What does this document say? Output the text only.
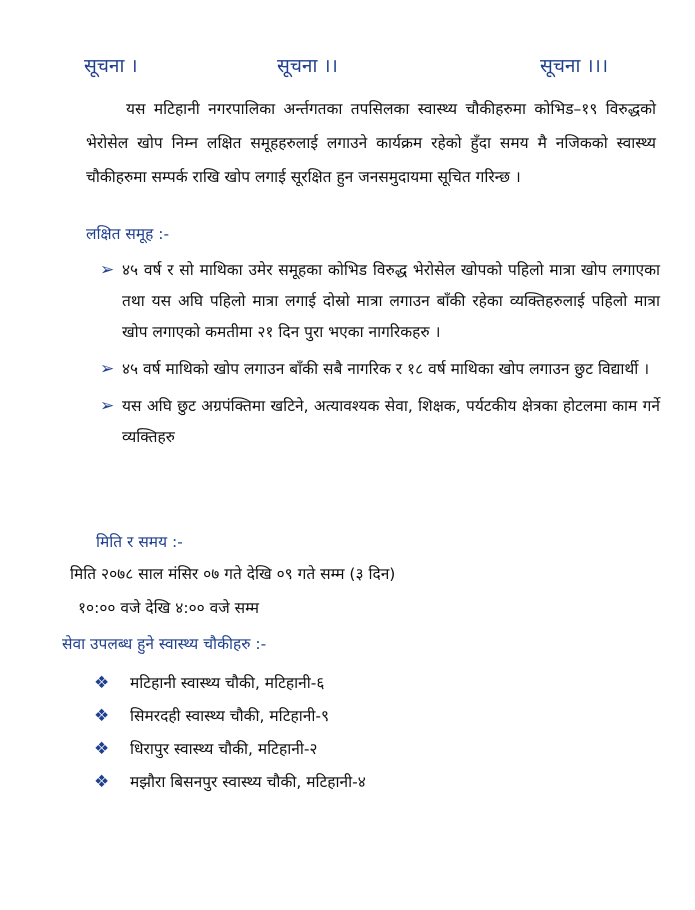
सूचना ।	सूचना ।।	सूचना ।।।
यस मटिहानी नगरपालिका अर्न्तगतका तपसिलका स्वास्थ्य चौकीहरुमा कोभिड–१९ विरुद्धको भेरोसेल खोप निम्न लक्षित समूहहरुलाई लगाउने कार्यक्रम रहेको हुँदा समय मै नजिकको स्वास्थ्य चौकीहरुमा सम्पर्क राखि खोप लगाई सूरक्षित हुन जनसमुदायमा सूचित गरिन्छ ।
लक्षित समूह :-
➢ ४५ वर्ष र सो माथिका उमेर समूहका कोभिड विरुद्ध भेरोसेल खोपको पहिलो मात्रा खोप लगाएका तथा यस अघि पहिलो मात्रा लगाई दोस्रो मात्रा लगाउन बाँकी रहेका व्यक्तिहरुलाई पहिलो मात्रा खोप लगाएको कमतीमा २१ दिन पुरा भएका नागरिकहरु ।
➢ ४५ वर्ष माथिको खोप लगाउन बाँकी सबै नागरिक र १८ वर्ष माथिका खोप लगाउन छुट विद्यार्थी ।
➢ यस अघि छुट अग्रपंक्तिमा खटिने, अत्यावश्यक सेवा, शिक्षक, पर्यटकीय क्षेत्रका होटलमा काम गर्ने व्यक्तिहरु
मिति र समय :-
मिति २०७८ साल मंसिर ०७ गते देखि ०९ गते सम्म (३ दिन)
१०:०० वजे देखि ४:०० वजे सम्म
सेवा उपलब्ध हुने स्वास्थ्य चौकीहरु :-
❖ मटिहानी स्वास्थ्य चौकी, मटिहानी-६
❖ सिमरदही स्वास्थ्य चौकी, मटिहानी-९
❖ धिरापुर स्वास्थ्य चौकी, मटिहानी-२
❖ मझौरा बिसनपुर स्वास्थ्य चौकी, मटिहानी-४
